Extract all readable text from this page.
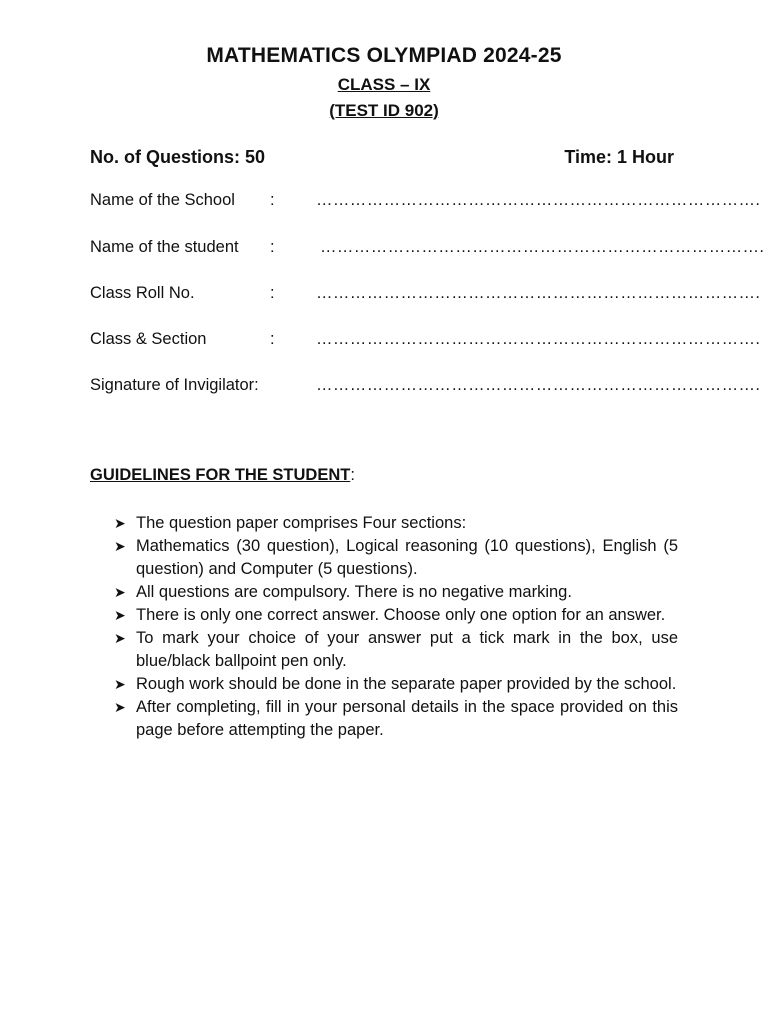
MATHEMATICS OLYMPIAD 2024-25
CLASS – IX
(TEST ID 902)
No. of Questions: 50	Time: 1 Hour
Name of the School :	…………………………………………………………………….
Name of the student :	…………………………………………………………………….
Class Roll No.	:	…………………………………………………………………….
Class & Section	:	…………………………………………………………………….
Signature of Invigilator:	…………………………………………………………………….
GUIDELINES FOR THE STUDENT:
➤ The question paper comprises Four sections:
➤ Mathematics (30 question), Logical reasoning (10 questions), English (5 question) and Computer (5 questions).
➤ All questions are compulsory. There is no negative marking.
➤ There is only one correct answer. Choose only one option for an answer.
➤ To mark your choice of your answer put a tick mark in the box, use blue/black ballpoint pen only.
➤ Rough work should be done in the separate paper provided by the school.
➤ After completing, fill in your personal details in the space provided on this page before attempting the paper.
